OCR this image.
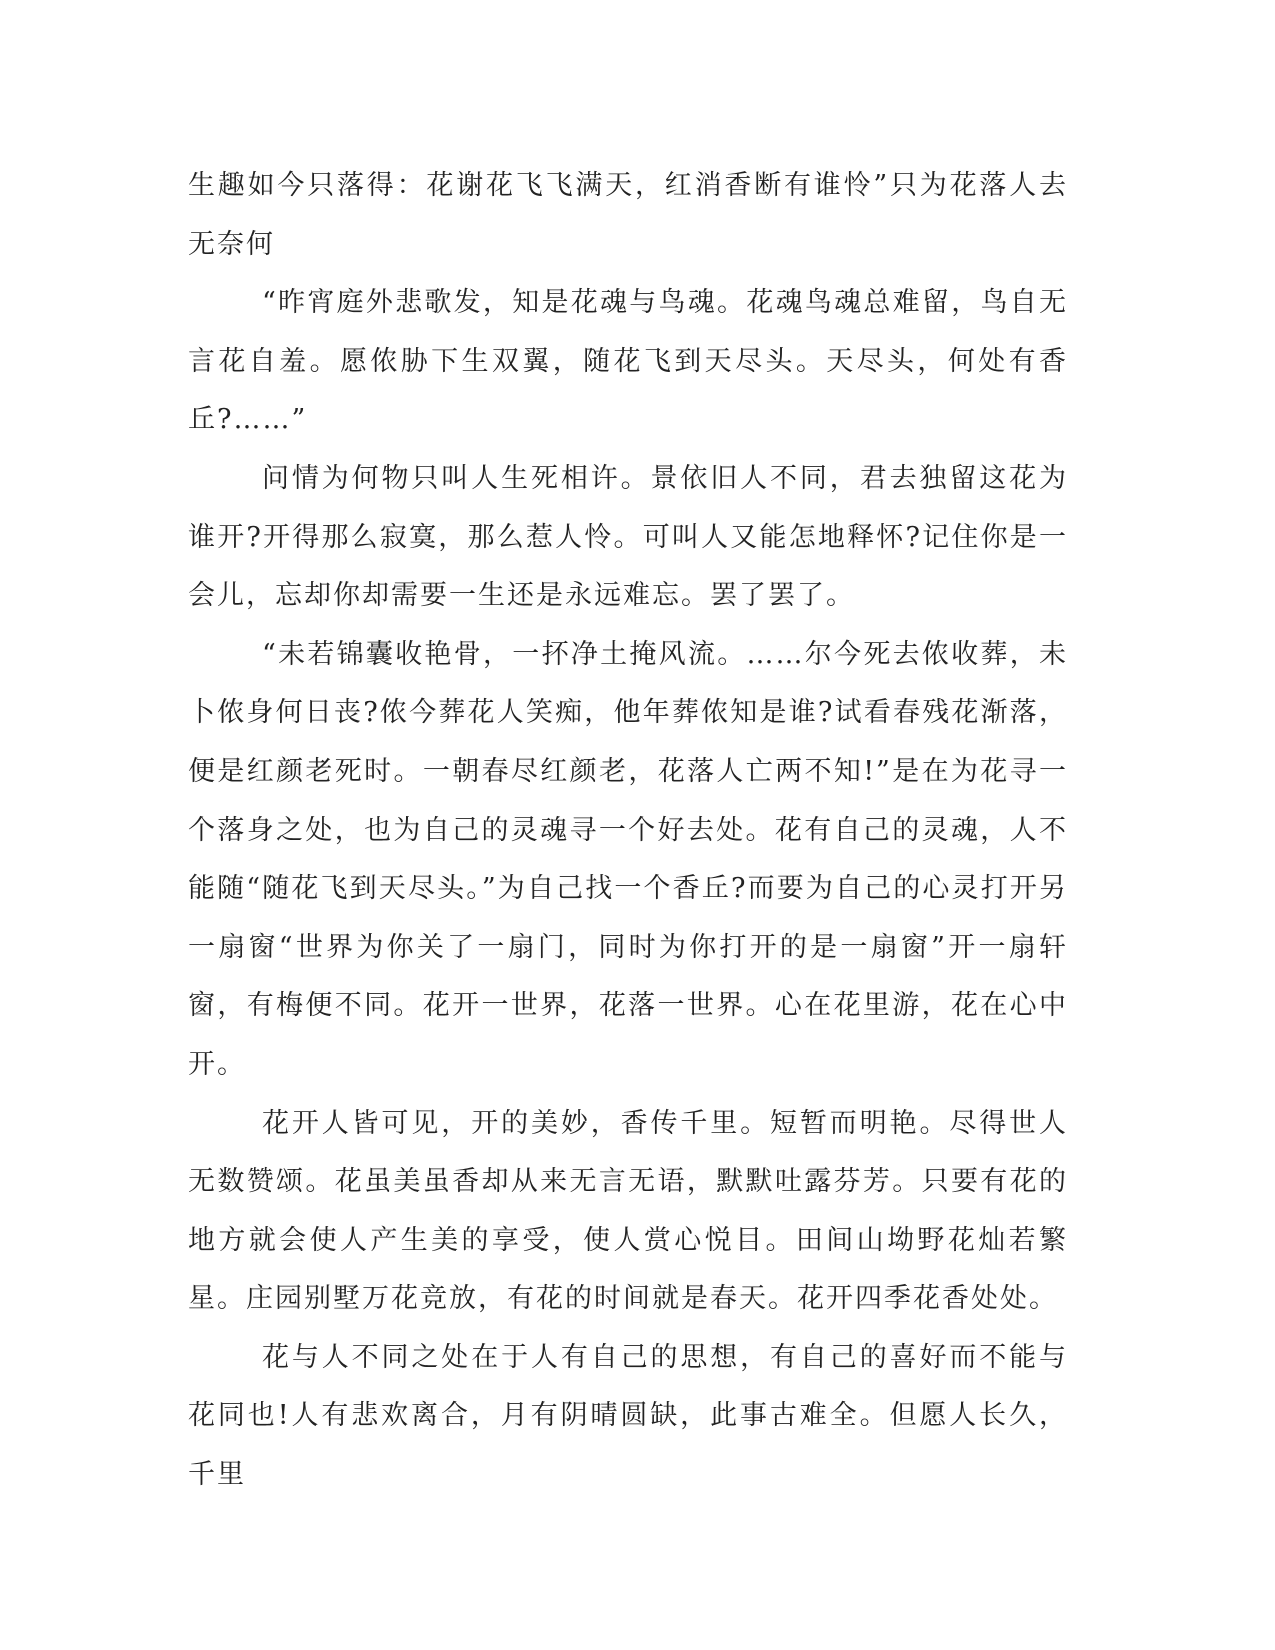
生趣如今只落得：花谢花飞飞满天，红消香断有谁怜”只为花落人去无奈何

“昨宵庭外悲歌发，知是花魂与鸟魂。花魂鸟魂总难留，鸟自无言花自羞。愿侬胁下生双翼，随花飞到天尽头。天尽头，何处有香丘?……”

问情为何物只叫人生死相许。景依旧人不同，君去独留这花为谁开?开得那么寂寞，那么惹人怜。可叫人又能怎地释怀?记住你是一会儿，忘却你却需要一生还是永远难忘。罢了罢了。

“未若锦囊收艳骨，一抔净土掩风流。……尔今死去侬收葬，未卜侬身何日丧?侬今葬花人笑痴，他年葬侬知是谁?试看春残花渐落，便是红颜老死时。一朝春尽红颜老，花落人亡两不知!”是在为花寻一个落身之处，也为自己的灵魂寻一个好去处。花有自己的灵魂，人不能随“随花飞到天尽头。”为自己找一个香丘?而要为自己的心灵打开另一扇窗“世界为你关了一扇门，同时为你打开的是一扇窗”开一扇轩窗，有梅便不同。花开一世界，花落一世界。心在花里游，花在心中开。

花开人皆可见，开的美妙，香传千里。短暂而明艳。尽得世人无数赞颂。花虽美虽香却从来无言无语，默默吐露芬芳。只要有花的地方就会使人产生美的享受，使人赏心悦目。田间山坳野花灿若繁星。庄园别墅万花竞放，有花的时间就是春天。花开四季花香处处。

花与人不同之处在于人有自己的思想，有自己的喜好而不能与花同也!人有悲欢离合，月有阴晴圆缺，此事古难全。但愿人长久，千里
